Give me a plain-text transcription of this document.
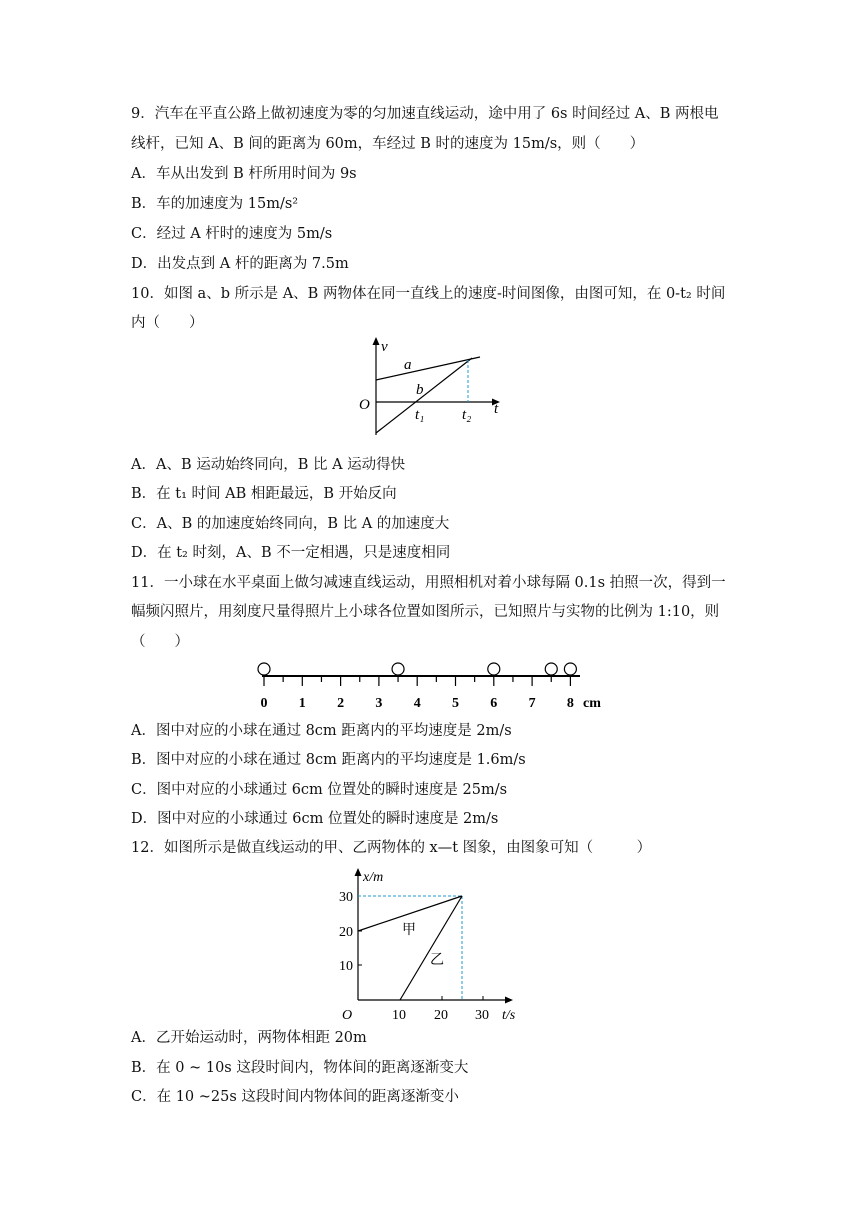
9．汽车在平直公路上做初速度为零的匀加速直线运动，途中用了 6s 时间经过 A、B 两根电
线杆，已知 A、B 间的距离为 60m，车经过 B 时的速度为 15m/s，则（　　）
A．车从出发到 B 杆所用时间为 9s
B．车的加速度为 15m/s²
C．经过 A 杆时的速度为 5m/s
D．出发点到 A 杆的距离为 7.5m
10．如图 a、b 所示是 A、B 两物体在同一直线上的速度-时间图像，由图可知，在 0-t₂ 时间
内（　　）
v
t
O
a
b
t₁	t₂
A．A、B 运动始终同向，B 比 A 运动得快
B．在 t₁ 时间 AB 相距最远，B 开始反向
C．A、B 的加速度始终同向，B 比 A 的加速度大
D．在 t₂ 时刻，A、B 不一定相遇，只是速度相同
11．一小球在水平桌面上做匀减速直线运动，用照相机对着小球每隔 0.1s 拍照一次，得到一
幅频闪照片，用刻度尺量得照片上小球各位置如图所示，已知照片与实物的比例为 1:10，则
（　　）
0 1 2 3 4 5 6 7 8 cm
A．图中对应的小球在通过 8cm 距离内的平均速度是 2m/s
B．图中对应的小球在通过 8cm 距离内的平均速度是 1.6m/s
C．图中对应的小球通过 6cm 位置处的瞬时速度是 25m/s
D．图中对应的小球通过 6cm 位置处的瞬时速度是 2m/s
12．如图所示是做直线运动的甲、乙两物体的 x—t 图象，由图象可知（　　　）
x/m
30
20
10
O	10 20 30 t/s
甲
乙
A．乙开始运动时，两物体相距 20m
B．在 0 ~ 10s 这段时间内，物体间的距离逐渐变大
C．在 10 ~25s 这段时间内物体间的距离逐渐变小
